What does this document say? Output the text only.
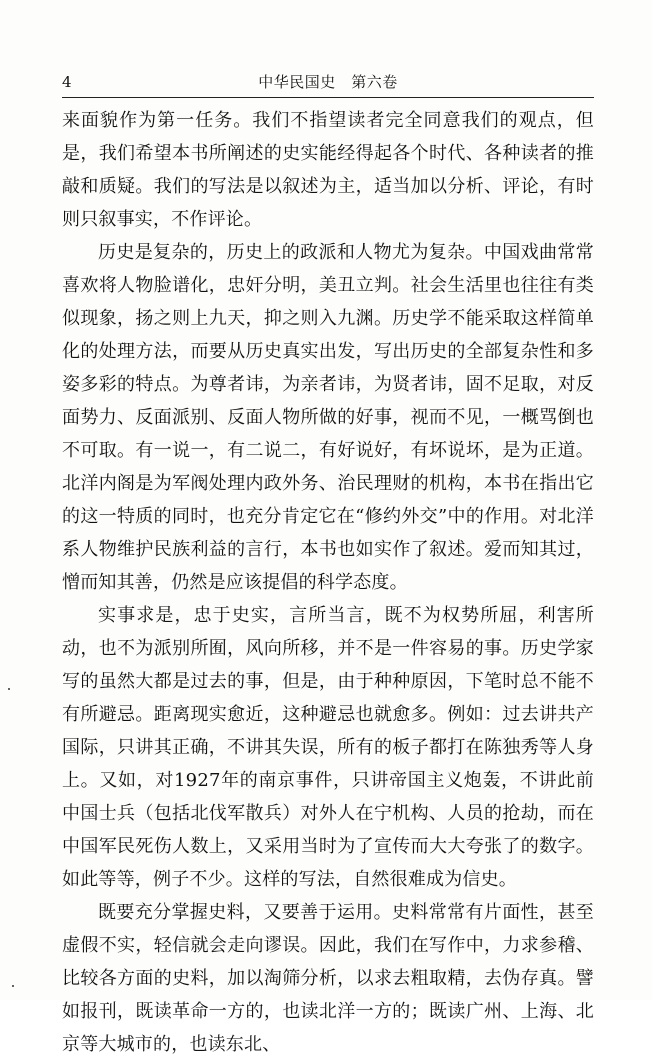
4	中华民国史　第六卷

来面貌作为第一任务。我们不指望读者完全同意我们的观点，但是，我们希望本书所阐述的史实能经得起各个时代、各种读者的推敲和质疑。我们的写法是以叙述为主，适当加以分析、评论，有时则只叙事实，不作评论。

历史是复杂的，历史上的政派和人物尤为复杂。中国戏曲常常喜欢将人物脸谱化，忠奸分明，美丑立判。社会生活里也往往有类似现象，扬之则上九天，抑之则入九渊。历史学不能采取这样简单化的处理方法，而要从历史真实出发，写出历史的全部复杂性和多姿多彩的特点。为尊者讳，为亲者讳，为贤者讳，固不足取，对反面势力、反面派别、反面人物所做的好事，视而不见，一概骂倒也不可取。有一说一，有二说二，有好说好，有坏说坏，是为正道。北洋内阁是为军阀处理内政外务、治民理财的机构，本书在指出它的这一特质的同时，也充分肯定它在“修约外交”中的作用。对北洋系人物维护民族利益的言行，本书也如实作了叙述。爱而知其过，憎而知其善，仍然是应该提倡的科学态度。

实事求是，忠于史实，言所当言，既不为权势所屈，利害所动，也不为派别所囿，风向所移，并不是一件容易的事。历史学家写的虽然大都是过去的事，但是，由于种种原因，下笔时总不能不有所避忌。距离现实愈近，这种避忌也就愈多。例如：过去讲共产国际，只讲其正确，不讲其失误，所有的板子都打在陈独秀等人身上。又如，对1927年的南京事件，只讲帝国主义炮轰，不讲此前中国士兵（包括北伐军散兵）对外人在宁机构、人员的抢劫，而在中国军民死伤人数上，又采用当时为了宣传而大大夸张了的数字。如此等等，例子不少。这样的写法，自然很难成为信史。

既要充分掌握史料，又要善于运用。史料常常有片面性，甚至虚假不实，轻信就会走向谬误。因此，我们在写作中，力求参稽、比较各方面的史料，加以淘筛分析，以求去粗取精，去伪存真。譬如报刊，既读革命一方的，也读北洋一方的；既读广州、上海、北京等大城市的，也读东北、
